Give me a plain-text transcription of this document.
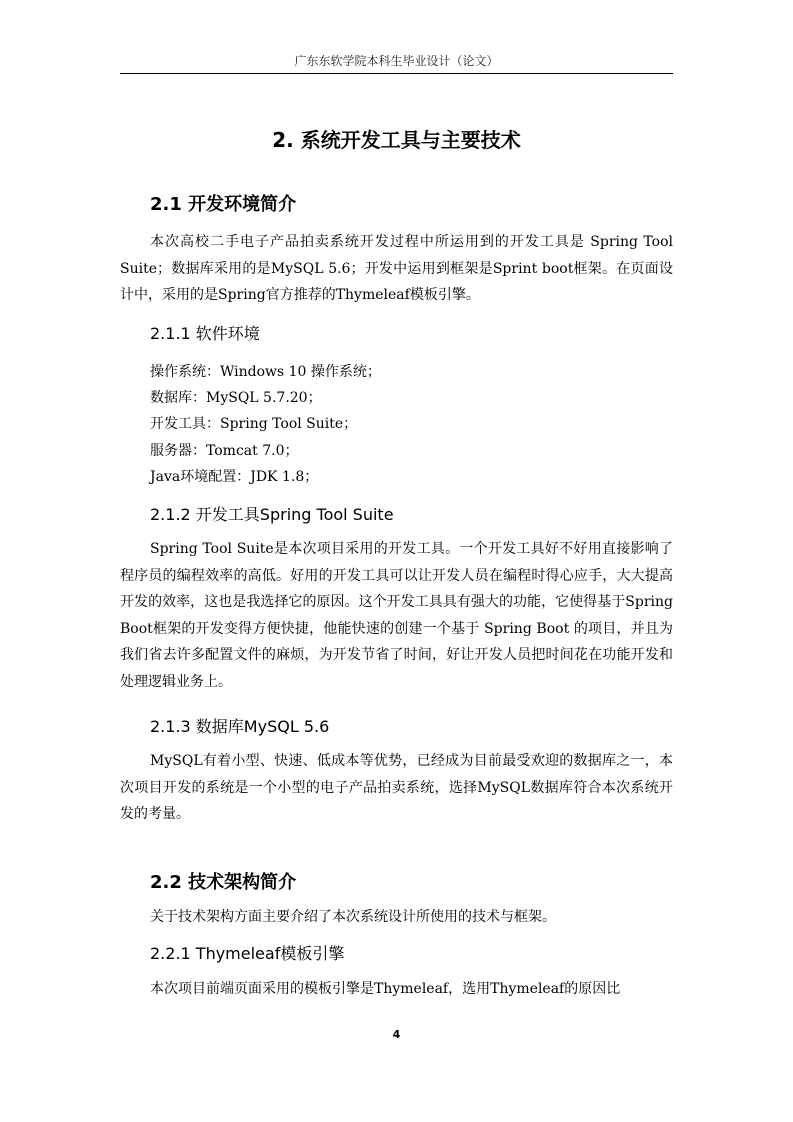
广东东软学院本科生毕业设计（论文）
2. 系统开发工具与主要技术
2.1 开发环境简介

本次高校二手电子产品拍卖系统开发过程中所运用到的开发工具是 Spring Tool Suite；数据库采用的是MySQL 5.6；开发中运用到框架是Sprint boot框架。在页面设计中，采用的是Spring官方推荐的Thymeleaf模板引擎。

2.1.1 软件环境
操作系统：Windows 10 操作系统；
数据库：MySQL 5.7.20；
开发工具：Spring Tool Suite；
服务器：Tomcat 7.0；
Java环境配置：JDK 1.8；
2.1.2 开发工具Spring Tool Suite

Spring Tool Suite是本次项目采用的开发工具。一个开发工具好不好用直接影响了程序员的编程效率的高低。好用的开发工具可以让开发人员在编程时得心应手，大大提高开发的效率，这也是我选择它的原因。这个开发工具具有强大的功能，它使得基于Spring Boot框架的开发变得方便快捷，他能快速的创建一个基于 Spring Boot 的项目，并且为我们省去许多配置文件的麻烦，为开发节省了时间，好让开发人员把时间花在功能开发和处理逻辑业务上。

2.1.3 数据库MySQL 5.6

MySQL有着小型、快速、低成本等优势，已经成为目前最受欢迎的数据库之一，本次项目开发的系统是一个小型的电子产品拍卖系统，选择MySQL数据库符合本次系统开发的考量。

2.2 技术架构简介

关于技术架构方面主要介绍了本次系统设计所使用的技术与框架。

2.2.1 Thymeleaf模板引擎

本次项目前端页面采用的模板引擎是Thymeleaf，选用Thymeleaf的原因比

4
